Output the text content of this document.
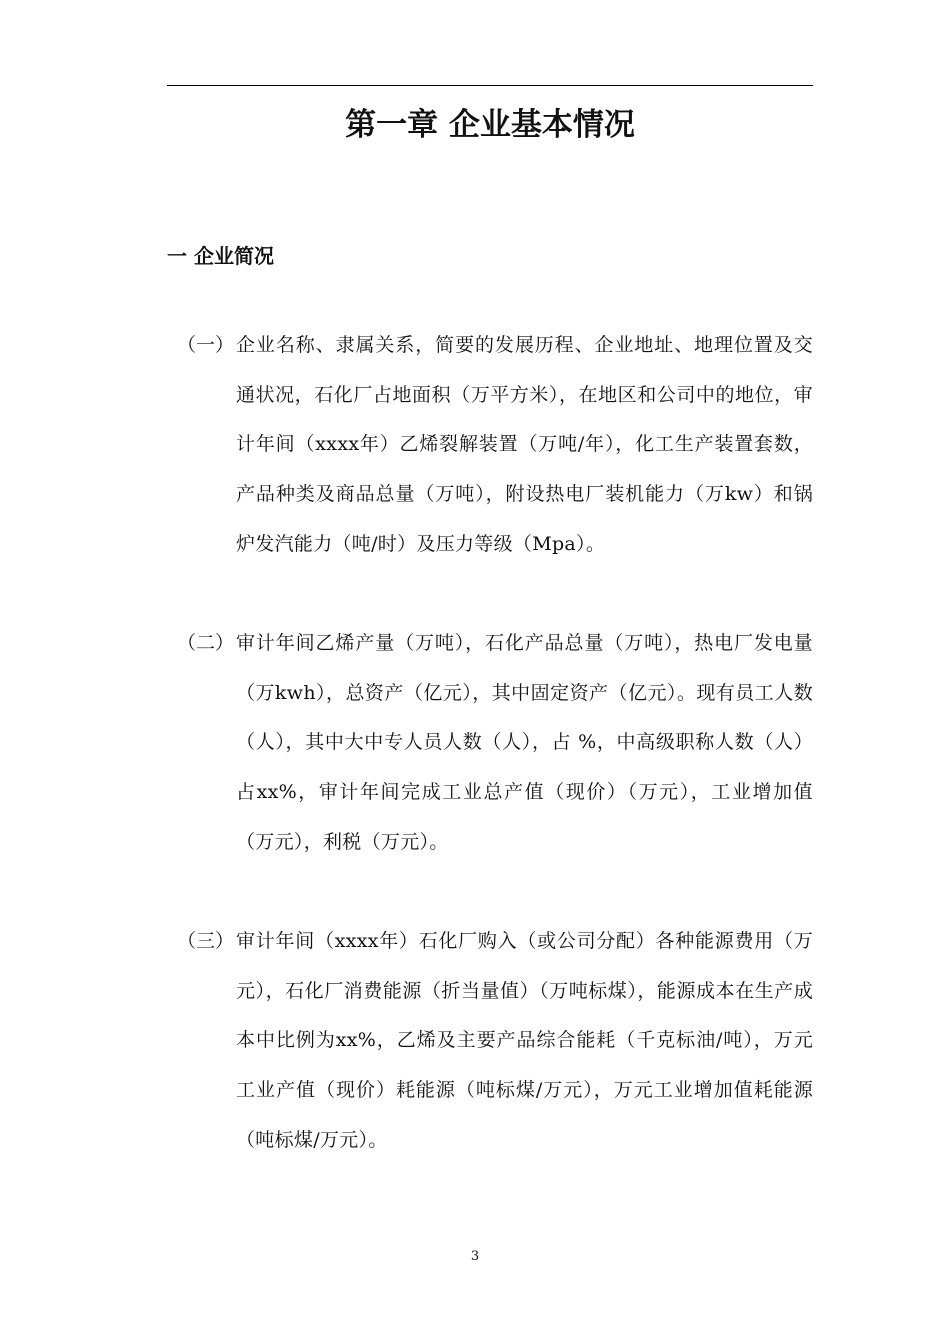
第一章 企业基本情况
一 企业简况
（一） 企业名称、隶属关系，简要的发展历程、企业地址、地理位置及交通状况，石化厂占地面积（万平方米），在地区和公司中的地位，审计年间（xxxx年）乙烯裂解装置（万吨/年），化工生产装置套数，产品种类及商品总量（万吨），附设热电厂装机能力（万kw）和锅炉发汽能力（吨/时）及压力等级（Mpa）。
（二） 审计年间乙烯产量（万吨），石化产品总量（万吨），热电厂发电量（万kwh），总资产（亿元），其中固定资产（亿元）。现有员工人数（人），其中大中专人员人数（人），占 %，中高级职称人数（人）占xx%，审计年间完成工业总产值（现价）（万元），工业增加值（万元），利税（万元）。
（三） 审计年间（xxxx年）石化厂购入（或公司分配）各种能源费用（万元），石化厂消费能源（折当量值）（万吨标煤），能源成本在生产成本中比例为xx%，乙烯及主要产品综合能耗（千克标油/吨），万元工业产值（现价）耗能源（吨标煤/万元），万元工业增加值耗能源（吨标煤/万元）。
3
